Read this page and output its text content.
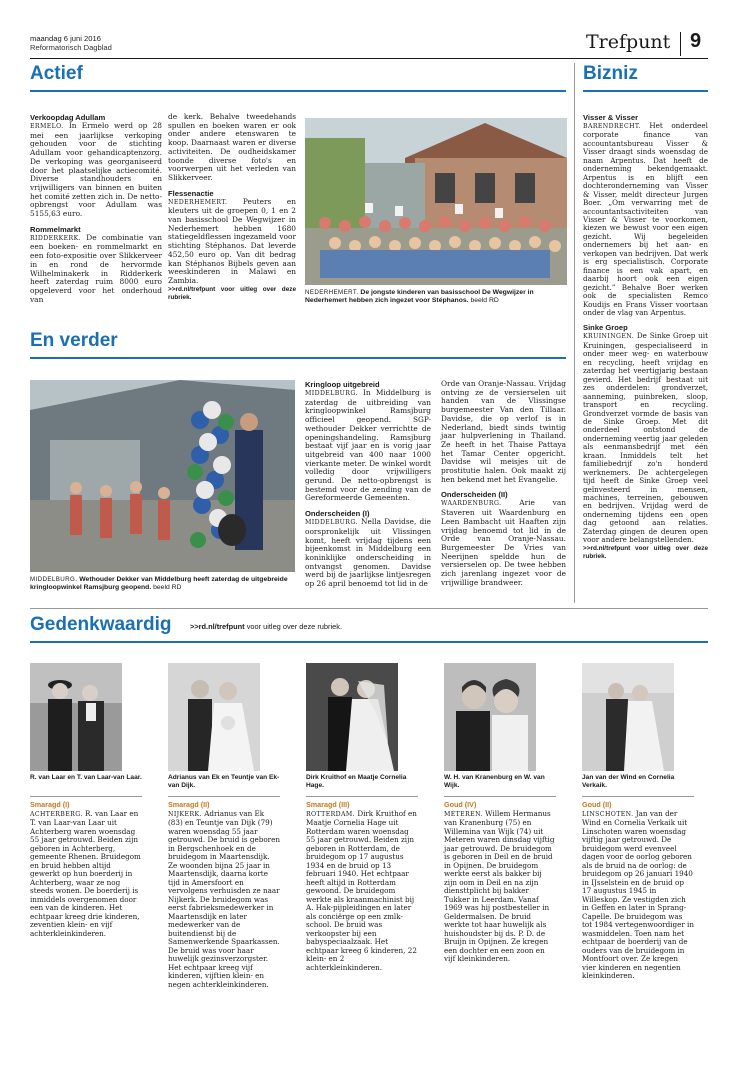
maandag 6 juni 2016
Reformatorisch Dagblad	Trefpunt 9
Actief

Verkoopdag Adullam

ERMELO. In Ermelo werd op 28 mei een jaarlijkse verkoping gehouden voor de stichting Adullam voor gehandicaptenzorg. De verkoping was georganiseerd door het plaatselijke actiecomité. Diverse standhouders en vrijwilligers van binnen en buiten het comité zetten zich in. De netto-opbrengst voor Adullam was 5155,63 euro.

Rommelmarkt

RIDDERKERK. De combinatie van een boeken- en rommelmarkt en een foto-expositie over Slikkerveer in en rond de hervormde Wilhelminakerk in Ridderkerk heeft zaterdag ruim 8000 euro opgeleverd voor het onderhoud van

de kerk. Behalve tweedehands spullen en boeken waren er ook onder andere etenswaren te koop. Daarnaast waren er diverse activiteiten. De oudheidskamer toonde diverse foto's en voorwerpen uit het verleden van Slikkerveer.

Flessenactie

NEDERHEMERT. Peuters en kleuters uit de groepen 0, 1 en 2 van basisschool De Wegwijzer in Nederhemert hebben 1680 statiegeldflessen ingezameld voor stichting Stéphanos. Dat leverde 452,50 euro op. Van dit bedrag kan Stéphanos Bijbels geven aan weeskinderen in Malawi en Zambia.

>>rd.nl/trefpunt voor uitleg over deze rubriek.

NEDERHEMERT. De jongste kinderen van basisschool De Wegwijzer in Nederhemert hebben zich ingezet voor Stéphanos. beeld RD
Bizniz

Visser & Visser

BARENDRECHT. Het onderdeel corporate finance van accountantsbureau Visser & Visser draagt sinds woensdag de naam Arpentus. Dat heeft de onderneming bekendgemaakt. Arpentus is en blijft een dochteronderneming van Visser & Visser, meldt directeur Jurgen Boer. „Om verwarring met de accountantsactiviteiten van Visser & Visser te voorkomen, kiezen we bewust voor een eigen gezicht. Wij begeleiden ondernemers bij het aan- en verkopen van bedrijven. Dat werk is erg specialistisch. Corporate finance is een vak apart, en daarbij hoort ook een eigen gezicht.” Behalve Boer werken ook de specialisten Remco Koudijs en Frans Visser voortaan onder de vlag van Arpentus.

Sinke Groep

KRUININGEN. De Sinke Groep uit Kruiningen, gespecialiseerd in onder meer weg- en waterbouw en recycling, heeft vrijdag en zaterdag het veertigjarig bestaan gevierd. Het bedrijf bestaat uit zes onderdelen: grondverzet, aanneming, puinbreken, sloop, transport en recycling. Grondverzet vormde de basis van de Sinke Groep. Met dit onderdeel ontstond de onderneming veertig jaar geleden als eenmansbedrijf met één kraan. Inmiddels telt het familiebedrijf zo'n honderd werknemers. De achtergelegen tijd heeft de Sinke Groep veel geïnvesteerd in mensen, machines, terreinen, gebouwen en bedrijven. Vrijdag werd de onderneming tijdens een open dag getoond aan relaties. Zaterdag gingen de deuren open voor andere belangstellenden.

>>rd.nl/trefpunt voor uitleg over deze rubriek.

En verder
MIDDELBURG. Wethouder Dekker van Middelburg heeft zaterdag de uitgebreide kringloopwinkel Ramsjburg geopend. beeld RD

Kringloop uitgebreid

MIDDELBURG. In Middelburg is zaterdag de uitbreiding van kringloopwinkel Ramsjburg officieel geopend. SGP-wethouder Dekker verrichtte de openingshandeling. Ramsjburg bestaat vijf jaar en is vorig jaar uitgebreid van 400 naar 1000 vierkante meter. De winkel wordt volledig door vrijwilligers gerund. De netto-opbrengst is bestemd voor de zending van de Gereformeerde Gemeenten.

Onderscheiden (I)

MIDDELBURG. Nella Davidse, die oorspronkelijk uit Vlissingen komt, heeft vrijdag tijdens een bijeenkomst in Middelburg een koninklijke onderscheiding in ontvangst genomen. Davidse werd bij de jaarlijkse lintjesregen op 26 april benoemd tot lid in de

Orde van Oranje-Nassau. Vrijdag ontving ze de versierselen uit handen van de Vlissingse burgemeester Van den Tillaar. Davidse, die op verlof is in Nederland, biedt sinds twintig jaar hulpverlening in Thailand. Ze heeft in het Thaise Pattaya het Tamar Center opgericht. Davidse wil meisjes uit de prostitutie halen. Ook maakt zij hen bekend met het Evangelie.

Onderscheiden (II)

WAARDENBURG. Arie van Staveren uit Waardenburg en Leen Bambacht uit Haaften zijn vrijdag benoemd tot lid in de Orde van Oranje-Nassau. Burgemeester De Vries van Neerijnen speldde hun de versierselen op. De twee hebben zich jarenlang ingezet voor de vrijwillige brandweer.

Gedenkwaardig	>>rd.nl/trefpunt voor uitleg over deze rubriek.
R. van Laar en T. van Laar-van Laar.	Adrianus van Ek en Teuntje van Ek-van Dijk.
Dirk Kruithof en Maatje Cornelia Hage.
W. H. van Kranenburg en W. van Wijk.
Jan van der Wind en Cornelia Verkaik.

Smaragd (I)

ACHTERBERG. R. van Laar en T. van Laar-van Laar uit Achterberg waren woensdag 55 jaar getrouwd. Beiden zijn geboren in Achterberg, gemeente Rhenen. Bruidegom en bruid hebben altijd gewerkt op hun boerderij in Achterberg, waar ze nog steeds wonen. De boerderij is inmiddels overgenomen door een van de kinderen. Het echtpaar kreeg drie kinderen, zeventien klein- en vijf achterkleinkinderen.

Smaragd (II)

NIJKERK. Adrianus van Ek (83) en Teuntje van Dijk (79) waren woensdag 55 jaar getrouwd. De bruid is geboren in Bergschenhoek en de bruidegom in Maartensdijk. Ze woonden bijna 25 jaar in Maartensdijk, daarna korte tijd in Amersfoort en vervolgens verhuisden ze naar Nijkerk. De bruidegom was eerst fabrieksmedewerker in Maartensdijk en later medewerker van de buitendienst bij de Samenwerkende Spaarkassen. De bruid was voor haar huwelijk gezinsverzorgster. Het echtpaar kreeg vijf kinderen, vijftien klein- en negen achterkleinkinderen.

Smaragd (III)

ROTTERDAM. Dirk Kruithof en Maatje Cornelia Hage uit Rotterdam waren woensdag 55 jaar getrouwd. Beiden zijn geboren in Rotterdam, de bruidegom op 17 augustus 1934 en de bruid op 13 februari 1940. Het echtpaar heeft altijd in Rotterdam gewoond. De bruidegom werkte als kraanmachinist bij A. Hak-pijpleidingen en later als conciërge op een zmlk-school. De bruid was verkoopster bij een babyspeciaalzaak. Het echtpaar kreeg 6 kinderen, 22 klein- en 2 achterkleinkinderen.

Goud (IV)

METEREN. Willem Hermanus van Kranenburg (75) en Willemina van Wijk (74) uit Meteren waren dinsdag vijftig jaar getrouwd. De bruidegom is geboren in Deil en de bruid in Opijnen. De bruidegom werkte eerst als bakker bij zijn oom in Deil en na zijn diensttplicht bij bakker Tukker in Leerdam. Vanaf 1969 was hij postbesteller in Geldermalsen. De bruid werkte tot haar huwelijk als huishoudster bij ds. P. D. de Bruijn in Opijnen. Ze kregen een dochter en een zoon en vijf kleinkinderen.

Goud (II)

LINSCHOTEN. Jan van der Wind en Cornelia Verkaik uit Linschoten waren woensdag vijftig jaar getrouwd. De bruidegom werd evenveel dagen voor de oorlog geboren als de bruid na de oorlog: de bruidegom op 26 januari 1940 in IJsselstein en de bruid op 17 augustus 1945 in Willeskop. Ze vestigden zich in Geffen en later in Sprang-Capelle. De bruidegom was tot 1984 vertegenwoordiger in wasmiddelen. Toen nam het echtpaar de boerderij van de ouders van de bruidegom in Montfoort over. Ze kregen vier kinderen en negentien kleinkinderen.
